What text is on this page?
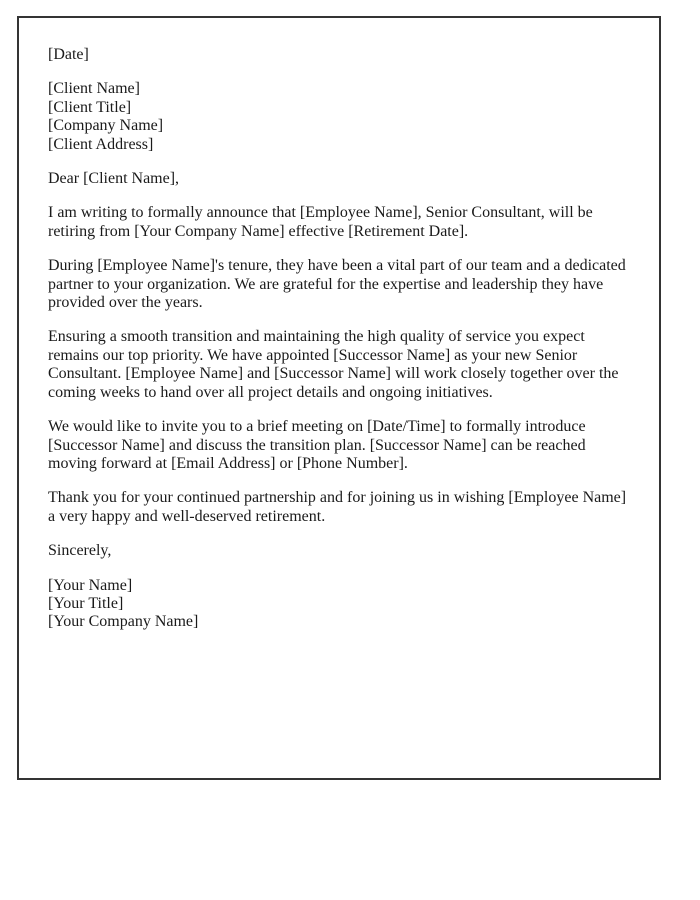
[Date]

[Client Name]
[Client Title]
[Company Name]
[Client Address]

Dear [Client Name],

I am writing to formally announce that [Employee Name], Senior Consultant, will be
retiring from [Your Company Name] effective [Retirement Date].

During [Employee Name]'s tenure, they have been a vital part of our team and a dedicated
partner to your organization. We are grateful for the expertise and leadership they have
provided over the years.

Ensuring a smooth transition and maintaining the high quality of service you expect
remains our top priority. We have appointed [Successor Name] as your new Senior
Consultant. [Employee Name] and [Successor Name] will work closely together over the
coming weeks to hand over all project details and ongoing initiatives.

We would like to invite you to a brief meeting on [Date/Time] to formally introduce
[Successor Name] and discuss the transition plan. [Successor Name] can be reached
moving forward at [Email Address] or [Phone Number].

Thank you for your continued partnership and for joining us in wishing [Employee Name]
a very happy and well-deserved retirement.

Sincerely,

[Your Name]
[Your Title]
[Your Company Name]
